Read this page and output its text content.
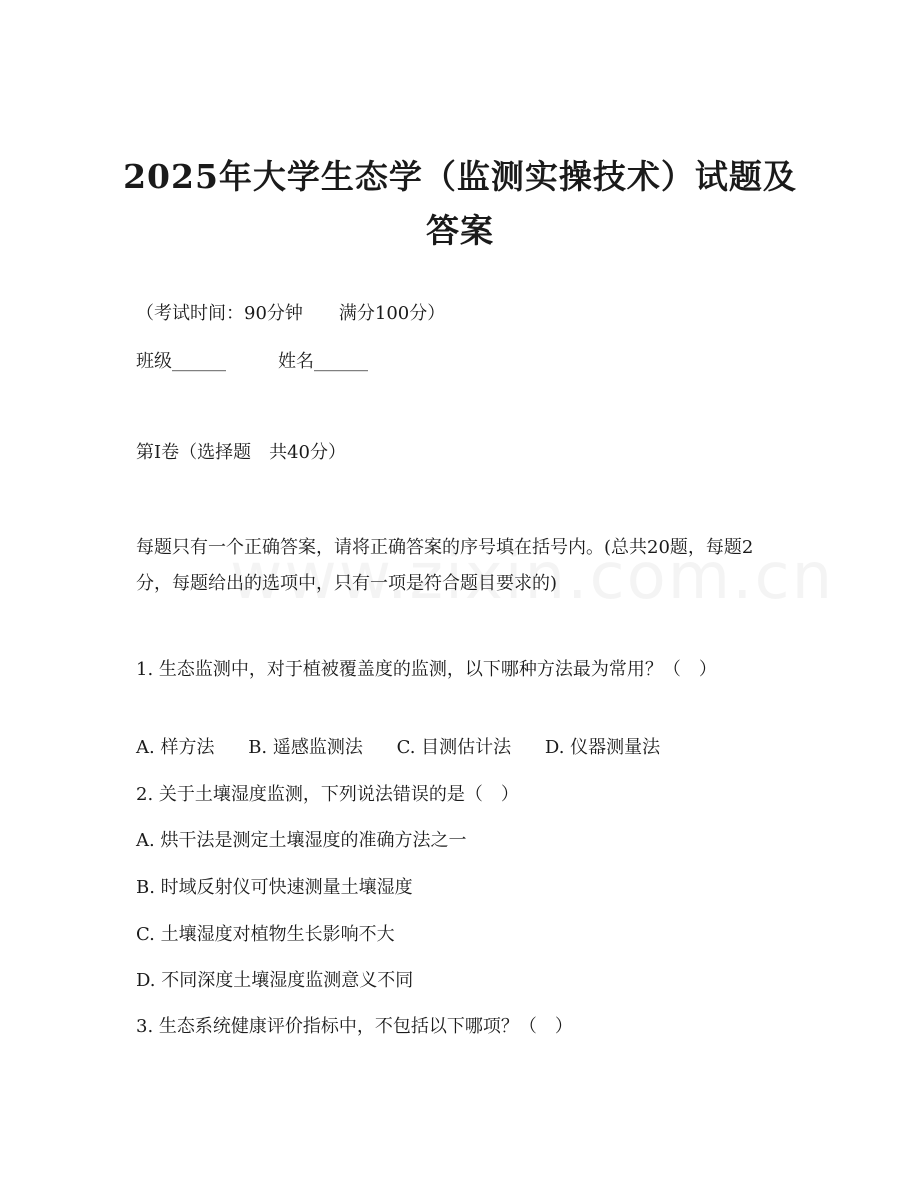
2025年大学生态学（监测实操技术）试题及答案
（考试时间：90分钟　　满分100分）
班级______	姓名______
第I卷（选择题　共40分）
每题只有一个正确答案，请将正确答案的序号填在括号内。(总共20题，每题2分，每题给出的选项中，只有一项是符合题目要求的)
1. 生态监测中，对于植被覆盖度的监测，以下哪种方法最为常用？（　）
A. 样方法 B. 遥感监测法 C. 目测估计法 D. 仪器测量法
2. 关于土壤湿度监测，下列说法错误的是（　）
A. 烘干法是测定土壤湿度的准确方法之一
B. 时域反射仪可快速测量土壤湿度
C. 土壤湿度对植物生长影响不大
D. 不同深度土壤湿度监测意义不同
3. 生态系统健康评价指标中，不包括以下哪项？（　）
